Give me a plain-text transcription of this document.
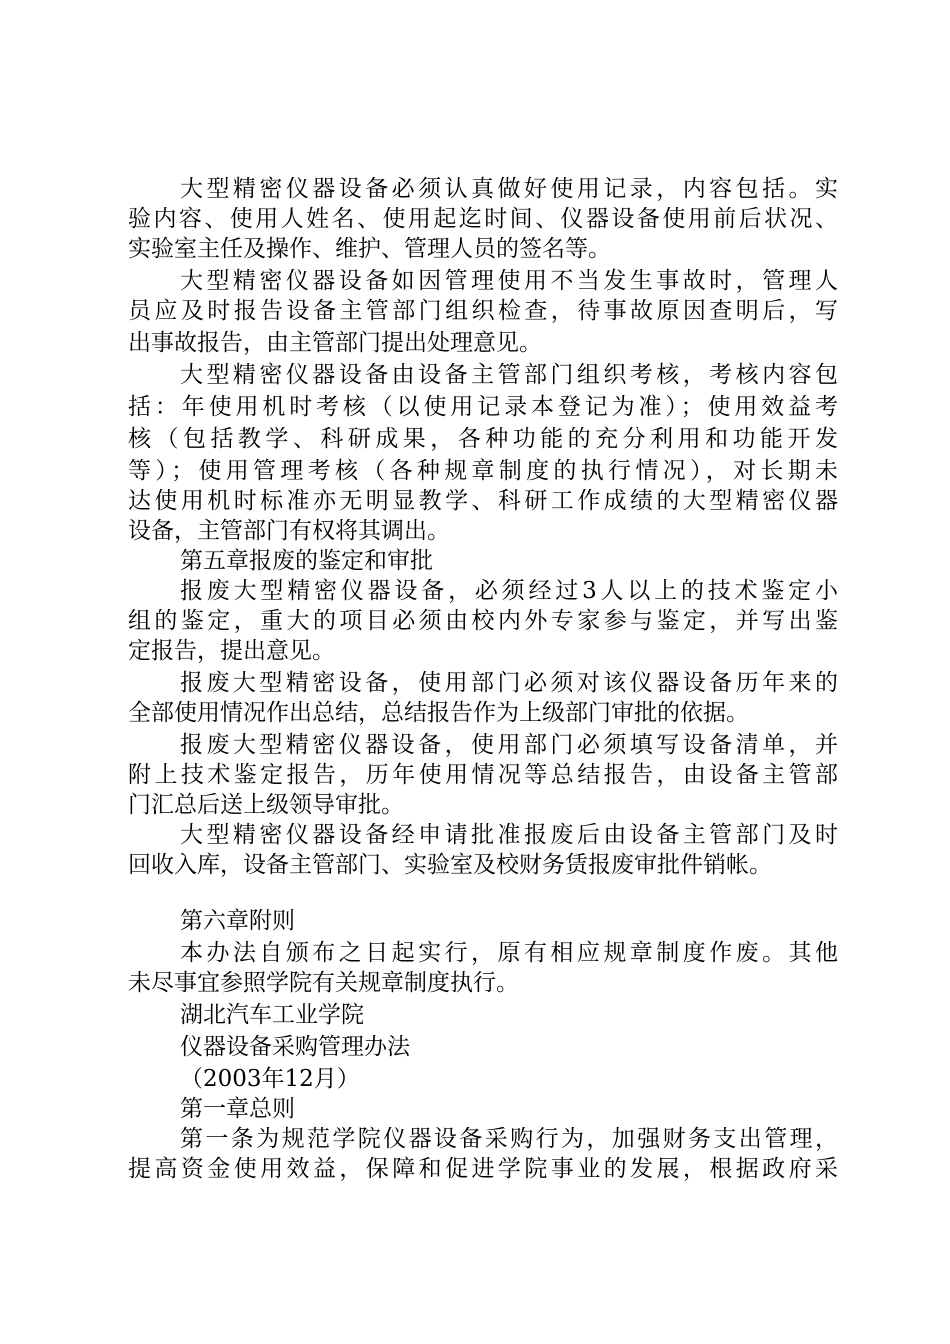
大型精密仪器设备必须认真做好使用记录，内容包括。实
验内容、使用人姓名、使用起迄时间、仪器设备使用前后状况、
实验室主任及操作、维护、管理人员的签名等。
大型精密仪器设备如因管理使用不当发生事故时，管理人
员应及时报告设备主管部门组织检查，待事故原因查明后，写
出事故报告，由主管部门提出处理意见。
大型精密仪器设备由设备主管部门组织考核，考核内容包
括：年使用机时考核（以使用记录本登记为准）；使用效益考
核（包括教学、科研成果，各种功能的充分利用和功能开发
等）；使用管理考核（各种规章制度的执行情况），对长期未
达使用机时标准亦无明显教学、科研工作成绩的大型精密仪器
设备，主管部门有权将其调出。
第五章报废的鉴定和审批
报废大型精密仪器设备，必须经过3人以上的技术鉴定小
组的鉴定，重大的项目必须由校内外专家参与鉴定，并写出鉴
定报告，提出意见。
报废大型精密设备，使用部门必须对该仪器设备历年来的
全部使用情况作出总结，总结报告作为上级部门审批的依据。
报废大型精密仪器设备，使用部门必须填写设备清单，并
附上技术鉴定报告，历年使用情况等总结报告，由设备主管部
门汇总后送上级领导审批。
大型精密仪器设备经申请批准报废后由设备主管部门及时
回收入库，设备主管部门、实验室及校财务赁报废审批件销帐。
第六章附则
本办法自颁布之日起实行，原有相应规章制度作废。其他
未尽事宜参照学院有关规章制度执行。
湖北汽车工业学院
仪器设备采购管理办法
（2003年12月）
第一章总则
第一条为规范学院仪器设备采购行为，加强财务支出管理，
提高资金使用效益，保障和促进学院事业的发展，根据政府采
